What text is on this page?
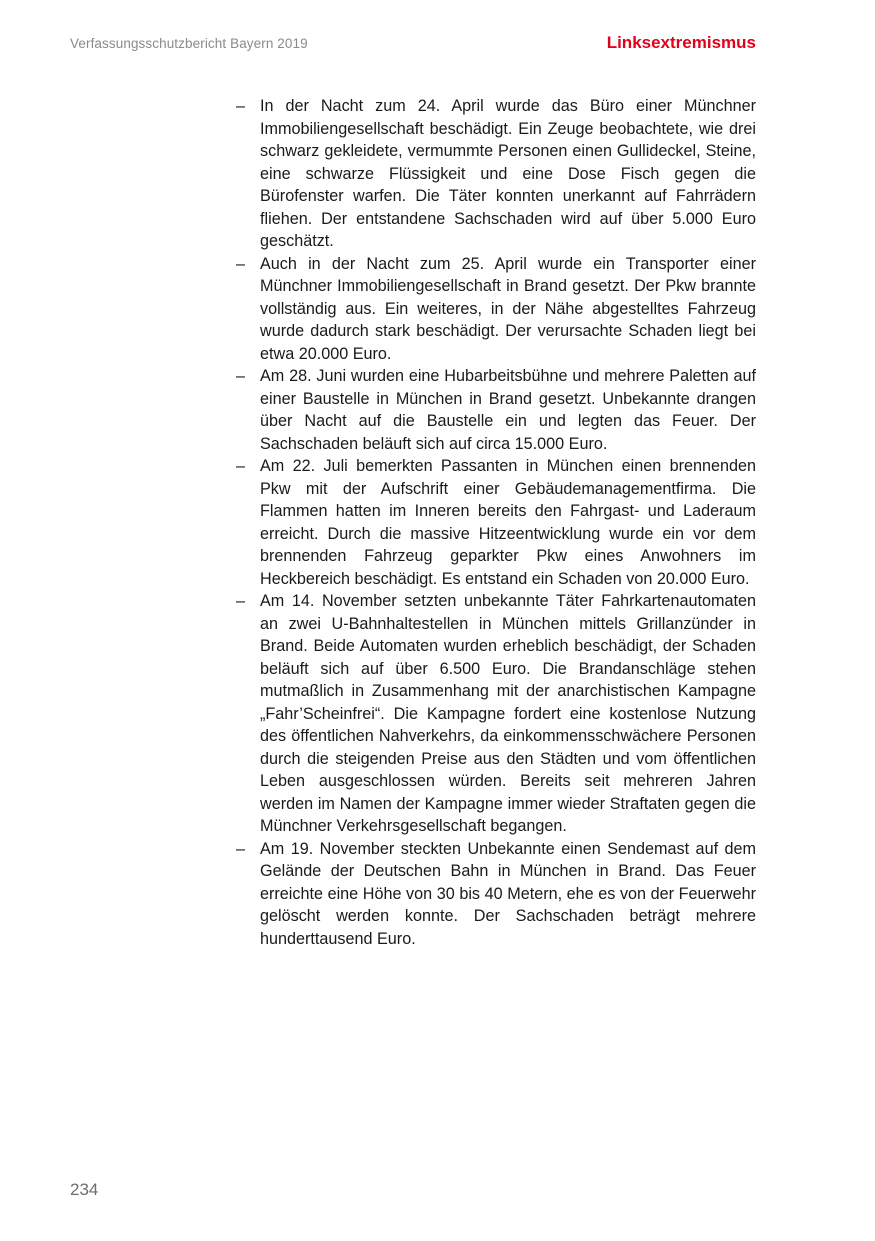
Verfassungsschutzbericht Bayern 2019	Linksextremismus
– In der Nacht zum 24. April wurde das Büro einer Münchner Immobiliengesellschaft beschädigt. Ein Zeuge beobachtete, wie drei schwarz gekleidete, vermummte Personen einen Gullideckel, Steine, eine schwarze Flüssigkeit und eine Dose Fisch gegen die Bürofenster warfen. Die Täter konnten unerkannt auf Fahrrädern fliehen. Der entstandene Sachschaden wird auf über 5.000 Euro geschätzt.
– Auch in der Nacht zum 25. April wurde ein Transporter einer Münchner Immobiliengesellschaft in Brand gesetzt. Der Pkw brannte vollständig aus. Ein weiteres, in der Nähe abgestelltes Fahrzeug wurde dadurch stark beschädigt. Der verursachte Schaden liegt bei etwa 20.000 Euro.
– Am 28. Juni wurden eine Hubarbeitsbühne und mehrere Paletten auf einer Baustelle in München in Brand gesetzt. Unbekannte drangen über Nacht auf die Baustelle ein und legten das Feuer. Der Sachschaden beläuft sich auf circa 15.000 Euro.
– Am 22. Juli bemerkten Passanten in München einen brennenden Pkw mit der Aufschrift einer Gebäudemanagementfirma. Die Flammen hatten im Inneren bereits den Fahrgast- und Laderaum erreicht. Durch die massive Hitzeentwicklung wurde ein vor dem brennenden Fahrzeug geparkter Pkw eines Anwohners im Heckbereich beschädigt. Es entstand ein Schaden von 20.000 Euro.
– Am 14. November setzten unbekannte Täter Fahrkartenautomaten an zwei U-Bahnhaltestellen in München mittels Grillanzünder in Brand. Beide Automaten wurden erheblich beschädigt, der Schaden beläuft sich auf über 6.500 Euro. Die Brandanschläge stehen mutmaßlich in Zusammenhang mit der anarchistischen Kampagne „Fahr’Scheinfrei“. Die Kampagne fordert eine kostenlose Nutzung des öffentlichen Nahverkehrs, da einkommensschwächere Personen durch die steigenden Preise aus den Städten und vom öffentlichen Leben ausgeschlossen würden. Bereits seit mehreren Jahren werden im Namen der Kampagne immer wieder Straftaten gegen die Münchner Verkehrsgesellschaft begangen.
– Am 19. November steckten Unbekannte einen Sendemast auf dem Gelände der Deutschen Bahn in München in Brand. Das Feuer erreichte eine Höhe von 30 bis 40 Metern, ehe es von der Feuerwehr gelöscht werden konnte. Der Sachschaden beträgt mehrere hunderttausend Euro.
234
